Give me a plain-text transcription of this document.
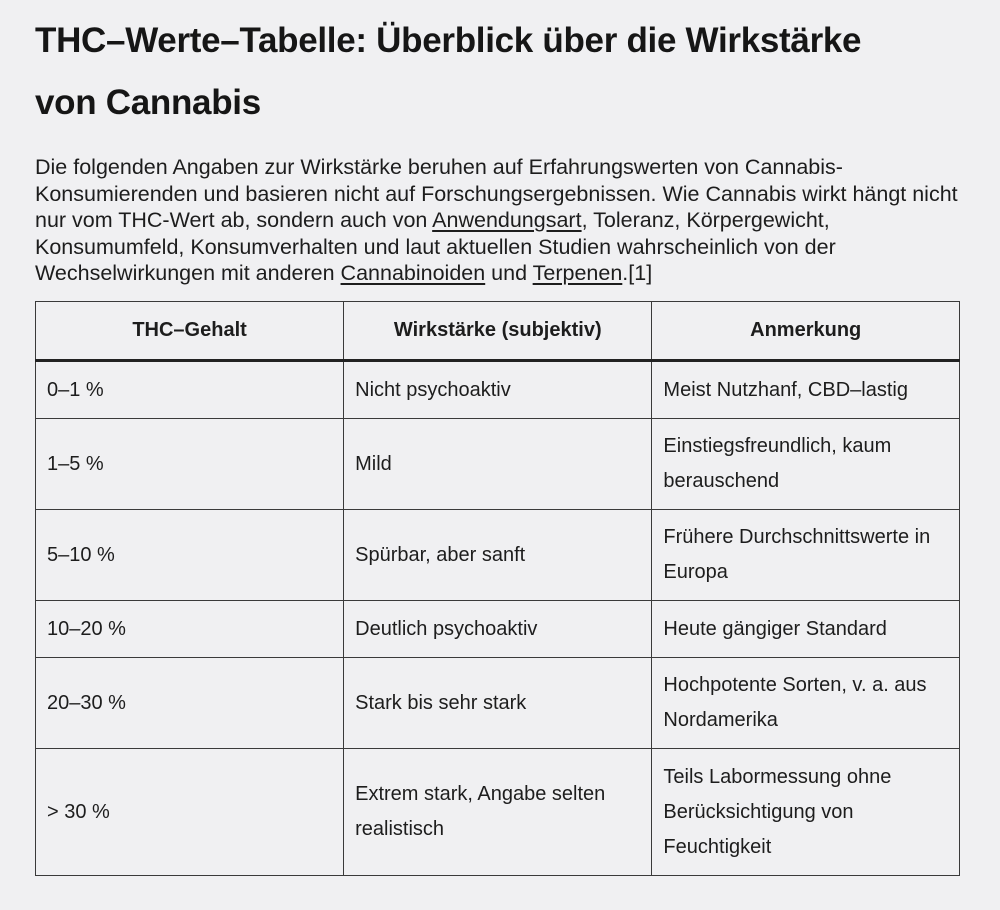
THC–Werte–Tabelle: Überblick über die Wirkstärke
von Cannabis

Die folgenden Angaben zur Wirkstärke beruhen auf Erfahrungswerten von Cannabis-Konsumierenden und basieren nicht auf Forschungsergebnissen. Wie Cannabis wirkt hängt nicht nur vom THC-Wert ab, sondern auch von Anwendungsart, Toleranz, Körpergewicht, Konsumumfeld, Konsumverhalten und laut aktuellen Studien wahrscheinlich von der Wechselwirkungen mit anderen Cannabinoiden und Terpenen.[1]

THC–Gehalt	Wirkstärke (subjektiv)	Anmerkung
0–1 %	Nicht psychoaktiv	Meist Nutzhanf, CBD–lastig
1–5 %	Mild	Einstiegsfreundlich, kaum berauschend
5–10 %	Spürbar, aber sanft	Frühere Durchschnittswerte in Europa
10–20 %	Deutlich psychoaktiv	Heute gängiger Standard
20–30 %	Stark bis sehr stark	Hochpotente Sorten, v. a. aus Nordamerika
> 30 %	Extrem stark, Angabe selten realistisch	Teils Labormessung ohne Berücksichtigung von Feuchtigkeit
